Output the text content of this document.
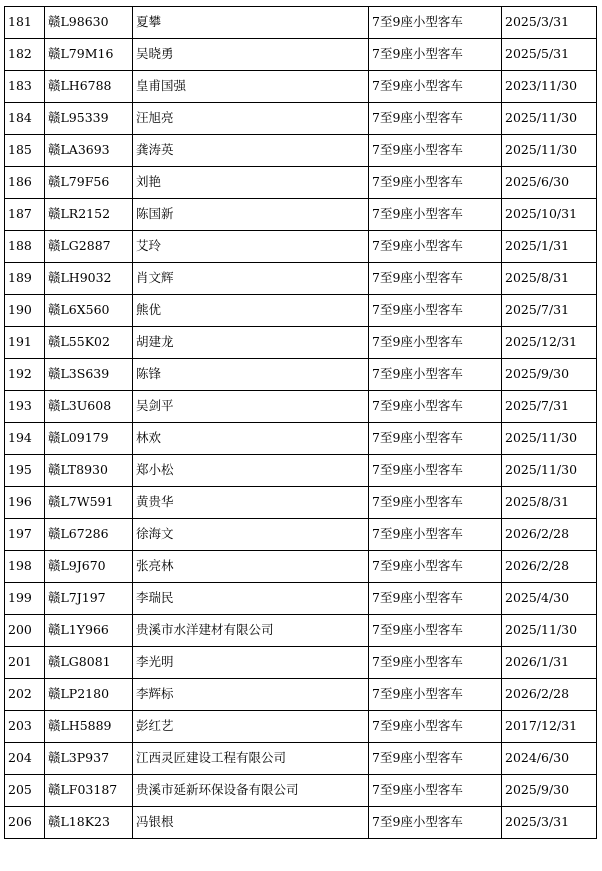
181	赣L98630	夏攀	7至9座小型客车	2025/3/31
182	赣L79M16	吴晓勇	7至9座小型客车	2025/5/31
183	赣LH6788	皇甫国强	7至9座小型客车	2023/11/30
184	赣L95339	汪旭亮	7至9座小型客车	2025/11/30
185	赣LA3693	龚涛英	7至9座小型客车	2025/11/30
186	赣L79F56	刘艳	7至9座小型客车	2025/6/30
187	赣LR2152	陈国新	7至9座小型客车	2025/10/31
188	赣LG2887	艾玲	7至9座小型客车	2025/1/31
189	赣LH9032	肖文辉	7至9座小型客车	2025/8/31
190	赣L6X560	熊优	7至9座小型客车	2025/7/31
191	赣L55K02	胡建龙	7至9座小型客车	2025/12/31
192	赣L3S639	陈锋	7至9座小型客车	2025/9/30
193	赣L3U608	吴剑平	7至9座小型客车	2025/7/31
194	赣L09179	林欢	7至9座小型客车	2025/11/30
195	赣LT8930	郑小松	7至9座小型客车	2025/11/30
196	赣L7W591	黄贵华	7至9座小型客车	2025/8/31
197	赣L67286	徐海文	7至9座小型客车	2026/2/28
198	赣L9J670	张亮林	7至9座小型客车	2026/2/28
199	赣L7J197	李瑞民	7至9座小型客车	2025/4/30
200	赣L1Y966	贵溪市水洋建材有限公司	7至9座小型客车	2025/11/30
201	赣LG8081	李光明	7至9座小型客车	2026/1/31
202	赣LP2180	李辉标	7至9座小型客车	2026/2/28
203	赣LH5889	彭红艺	7至9座小型客车	2017/12/31
204	赣L3P937	江西灵匠建设工程有限公司	7至9座小型客车	2024/6/30
205	赣LF03187	贵溪市延新环保设备有限公司	7至9座小型客车	2025/9/30
206	赣L18K23	冯银根	7至9座小型客车	2025/3/31
